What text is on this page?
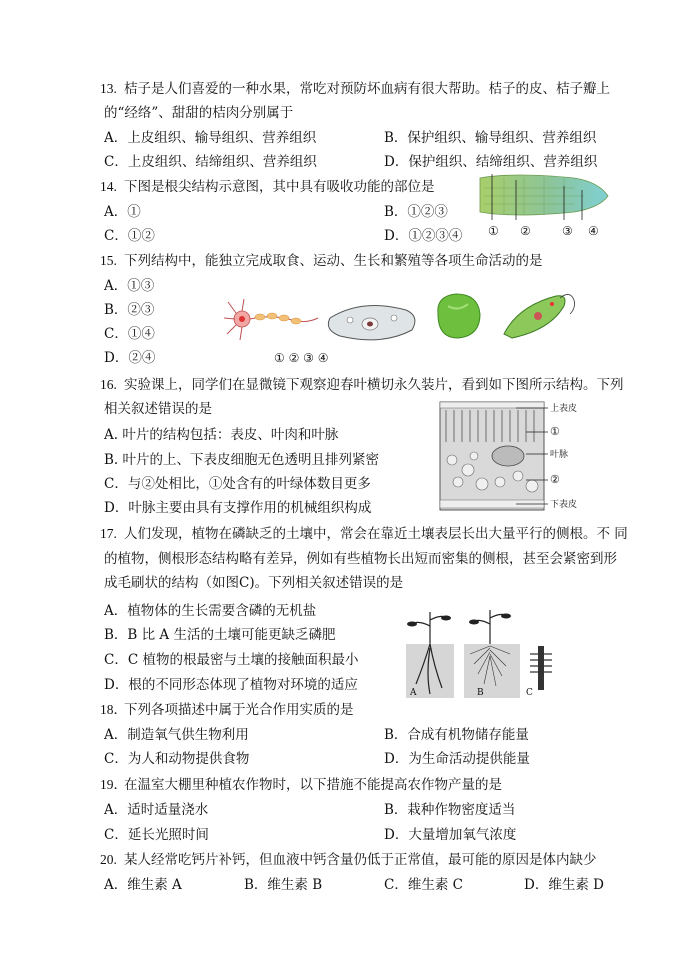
13. 桔子是人们喜爱的一种水果，常吃对预防坏血病有很大帮助。桔子的皮、桔子瓣上
的“经络”、甜甜的桔肉分别属于
A．上皮组织、输导组织、营养组织	B．保护组织、输导组织、营养组织
C．上皮组织、结缔组织、营养组织	D．保护组织、结缔组织、营养组织
14. 下图是根尖结构示意图，其中具有吸收功能的部位是
A．①	B．①②③
C．①②	D．①②③④ ① ②	③ ④
15. 下列结构中，能独立完成取食、运动、生长和繁殖等各项生命活动的是
A．①③
B．②③
C．①④
D．②④	① ② ③ ④
16. 实验课上，同学们在显微镜下观察迎春叶横切永久装片，看到如下图所示结构。下列
相关叙述错误的是
A. 叶片的结构包括：表皮、叶肉和叶脉
B. 叶片的上、下表皮细胞无色透明且排列紧密
C．与②处相比，①处含有的叶绿体数目更多
D．叶脉主要由具有支撑作用的机械组织构成
上表皮
①
叶脉
②
下表皮
17. 人们发现，植物在磷缺乏的土壤中，常会在靠近土壤表层长出大量平行的侧根。不 同
的植物，侧根形态结构略有差异，例如有些植物长出短而密集的侧根，甚至会紧密到形
成毛刷状的结构（如图C)。下列相关叙述错误的是
A．植物体的生长需要含磷的无机盐
B．B 比 A 生活的土壤可能更缺乏磷肥
C．C 植物的根最密与土壤的接触面积最小
D．根的不同形态体现了植物对环境的适应	A	B	C
18．
下列各项描述中属于光合作用实质的是
A．制造氧气供生物利用	B．合成有机物储存能量
C．为人和动物提供食物	D．为生命活动提供能量
19．
在温室大棚里种植农作物时，以下措施不能提高农作物产量的是
A．适时适量浇水	B．栽种作物密度适当
C．延长光照时间	D．大量增加氧气浓度
20. 某人经常吃钙片补钙，但血液中钙含量仍低于正常值，最可能的原因是体内缺少
A．维生素 A	B．维生素 B	C．维生素 C	D．维生素 D
